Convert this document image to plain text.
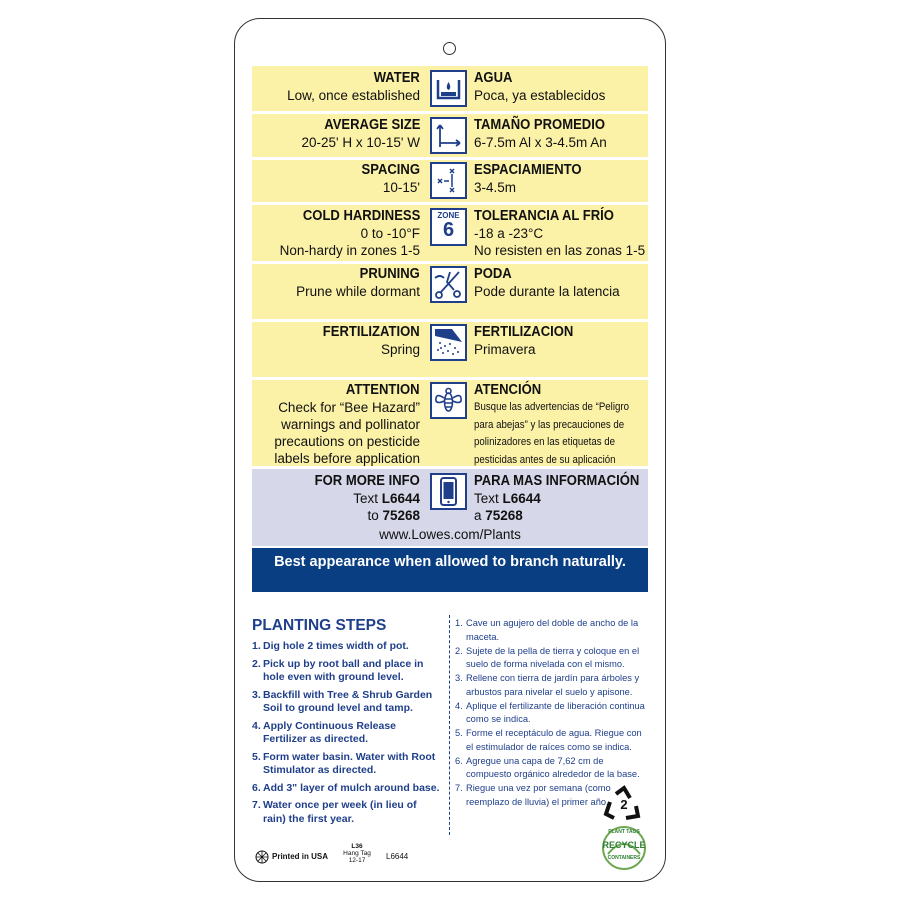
WATER
Low, once established
AGUA
Poca, ya establecidos
AVERAGE SIZE
20-25' H x 10-15' W
TAMAÑO PROMEDIO
6-7.5m Al x 3-4.5m An
SPACING
10-15'
ESPACIAMIENTO
3-4.5m
ZONE
6
COLD HARDINESS
0 to -10°F
Non-hardy in zones 1-5
TOLERANCIA AL FRÍO
-18 a -23°C
No resisten en las zonas 1-5
PRUNING
Prune while dormant
PODA
Pode durante la latencia
FERTILIZATION
Spring
FERTILIZACION
Primavera
ATTENTION
Check for “Bee Hazard”
warnings and pollinator
precautions on pesticide
labels before application
ATENCIÓN
Busque las advertencias de “Peligro
para abejas” y las precauciones de
polinizadores en las etiquetas de
pesticidas antes de su aplicación
FOR MORE INFO
Text L6644
to 75268
PARA MAS INFORMACIÓN
Text L6644
a 75268
www.Lowes.com/Plants
Best appearance when allowed to branch naturally.
PLANTING STEPS
1. Dig hole 2 times width of pot.
2. Pick up by root ball and place in hole even with ground level.
3. Backfill with Tree & Shrub Garden Soil to ground level and tamp.
4. Apply Continuous Release Fertilizer as directed.
5. Form water basin. Water with Root Stimulator as directed.
6. Add 3" layer of mulch around base.
7. Water once per week (in lieu of rain) the first year.
1. Cave un agujero del doble de ancho de la maceta.
2. Sujete de la pella de tierra y coloque en el suelo de forma nivelada con el mismo.
3. Rellene con tierra de jardín para árboles y arbustos para nivelar el suelo y apisone.
4. Aplique el fertilizante de liberación continua como se indica.
5. Forme el receptáculo de agua. Riegue con el estimulador de raíces como se indica.
6. Agregue una capa de 7,62 cm de compuesto orgánico alrededor de la base.
7. Riegue una vez por semana (como reemplazo de lluvia) el primer año. 2
PLANT TAGS
RECYCLE
CONTAINERS
Printed in USA
L36
Hang Tag
12-17	L6644
